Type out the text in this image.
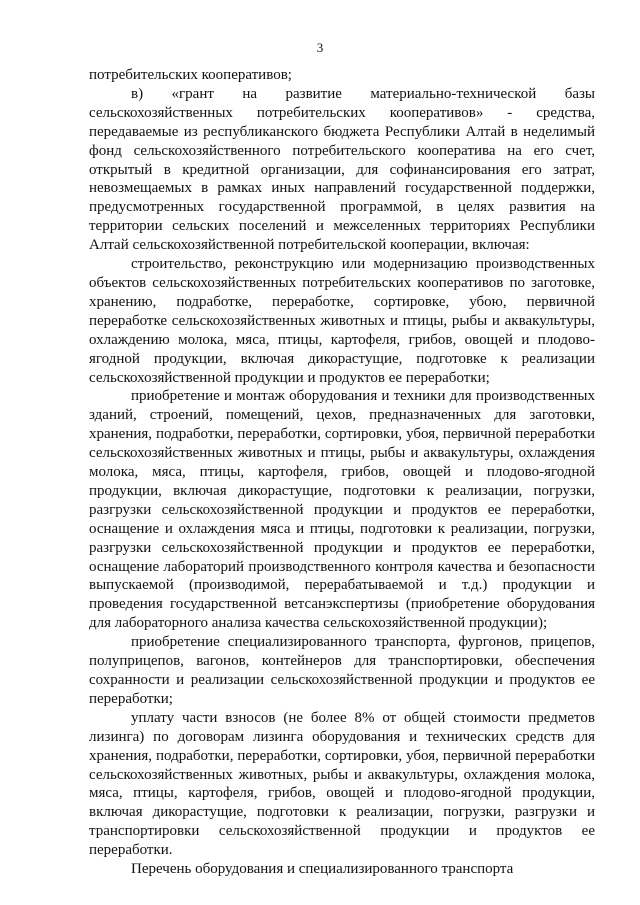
3

потребительских кооперативов;

в) «грант на развитие материально-технической базы сельскохозяйственных потребительских кооперативов» - средства, передаваемые из республиканского бюджета Республики Алтай в неделимый фонд сельскохозяйственного потребительского кооператива на его счет, открытый в кредитной организации, для софинансирования его затрат, невозмещаемых в рамках иных направлений государственной поддержки, предусмотренных государственной программой, в целях развития на территории сельских поселений и межселенных территориях Республики Алтай сельскохозяйственной потребительской кооперации, включая:

строительство, реконструкцию или модернизацию производственных объектов сельскохозяйственных потребительских кооперативов по заготовке, хранению, подработке, переработке, сортировке, убою, первичной переработке сельскохозяйственных животных и птицы, рыбы и аквакультуры, охлаждению молока, мяса, птицы, картофеля, грибов, овощей и плодово-ягодной продукции, включая дикорастущие, подготовке к реализации сельскохозяйственной продукции и продуктов ее переработки;

приобретение и монтаж оборудования и техники для производственных зданий, строений, помещений, цехов, предназначенных для заготовки, хранения, подработки, переработки, сортировки, убоя, первичной переработки сельскохозяйственных животных и птицы, рыбы и аквакультуры, охлаждения молока, мяса, птицы, картофеля, грибов, овощей и плодово-ягодной продукции, включая дикорастущие, подготовки к реализации, погрузки, разгрузки сельскохозяйственной продукции и продуктов ее переработки, оснащение и охлаждения мяса и птицы, подготовки к реализации, погрузки, разгрузки сельскохозяйственной продукции и продуктов ее переработки, оснащение лабораторий производственного контроля качества и безопасности выпускаемой (производимой, перерабатываемой и т.д.) продукции и проведения государственной ветсанэкспертизы (приобретение оборудования для лабораторного анализа качества сельскохозяйственной продукции);

приобретение специализированного транспорта, фургонов, прицепов, полуприцепов, вагонов, контейнеров для транспортировки, обеспечения сохранности и реализации сельскохозяйственной продукции и продуктов ее переработки;

уплату части взносов (не более 8% от общей стоимости предметов лизинга) по договорам лизинга оборудования и технических средств для хранения, подработки, переработки, сортировки, убоя, первичной переработки сельскохозяйственных животных, рыбы и аквакультуры, охлаждения молока, мяса, птицы, картофеля, грибов, овощей и плодово-ягодной продукции, включая дикорастущие, подготовки к реализации, погрузки, разгрузки и транспортировки сельскохозяйственной продукции и продуктов ее переработки.

Перечень оборудования и специализированного транспорта
